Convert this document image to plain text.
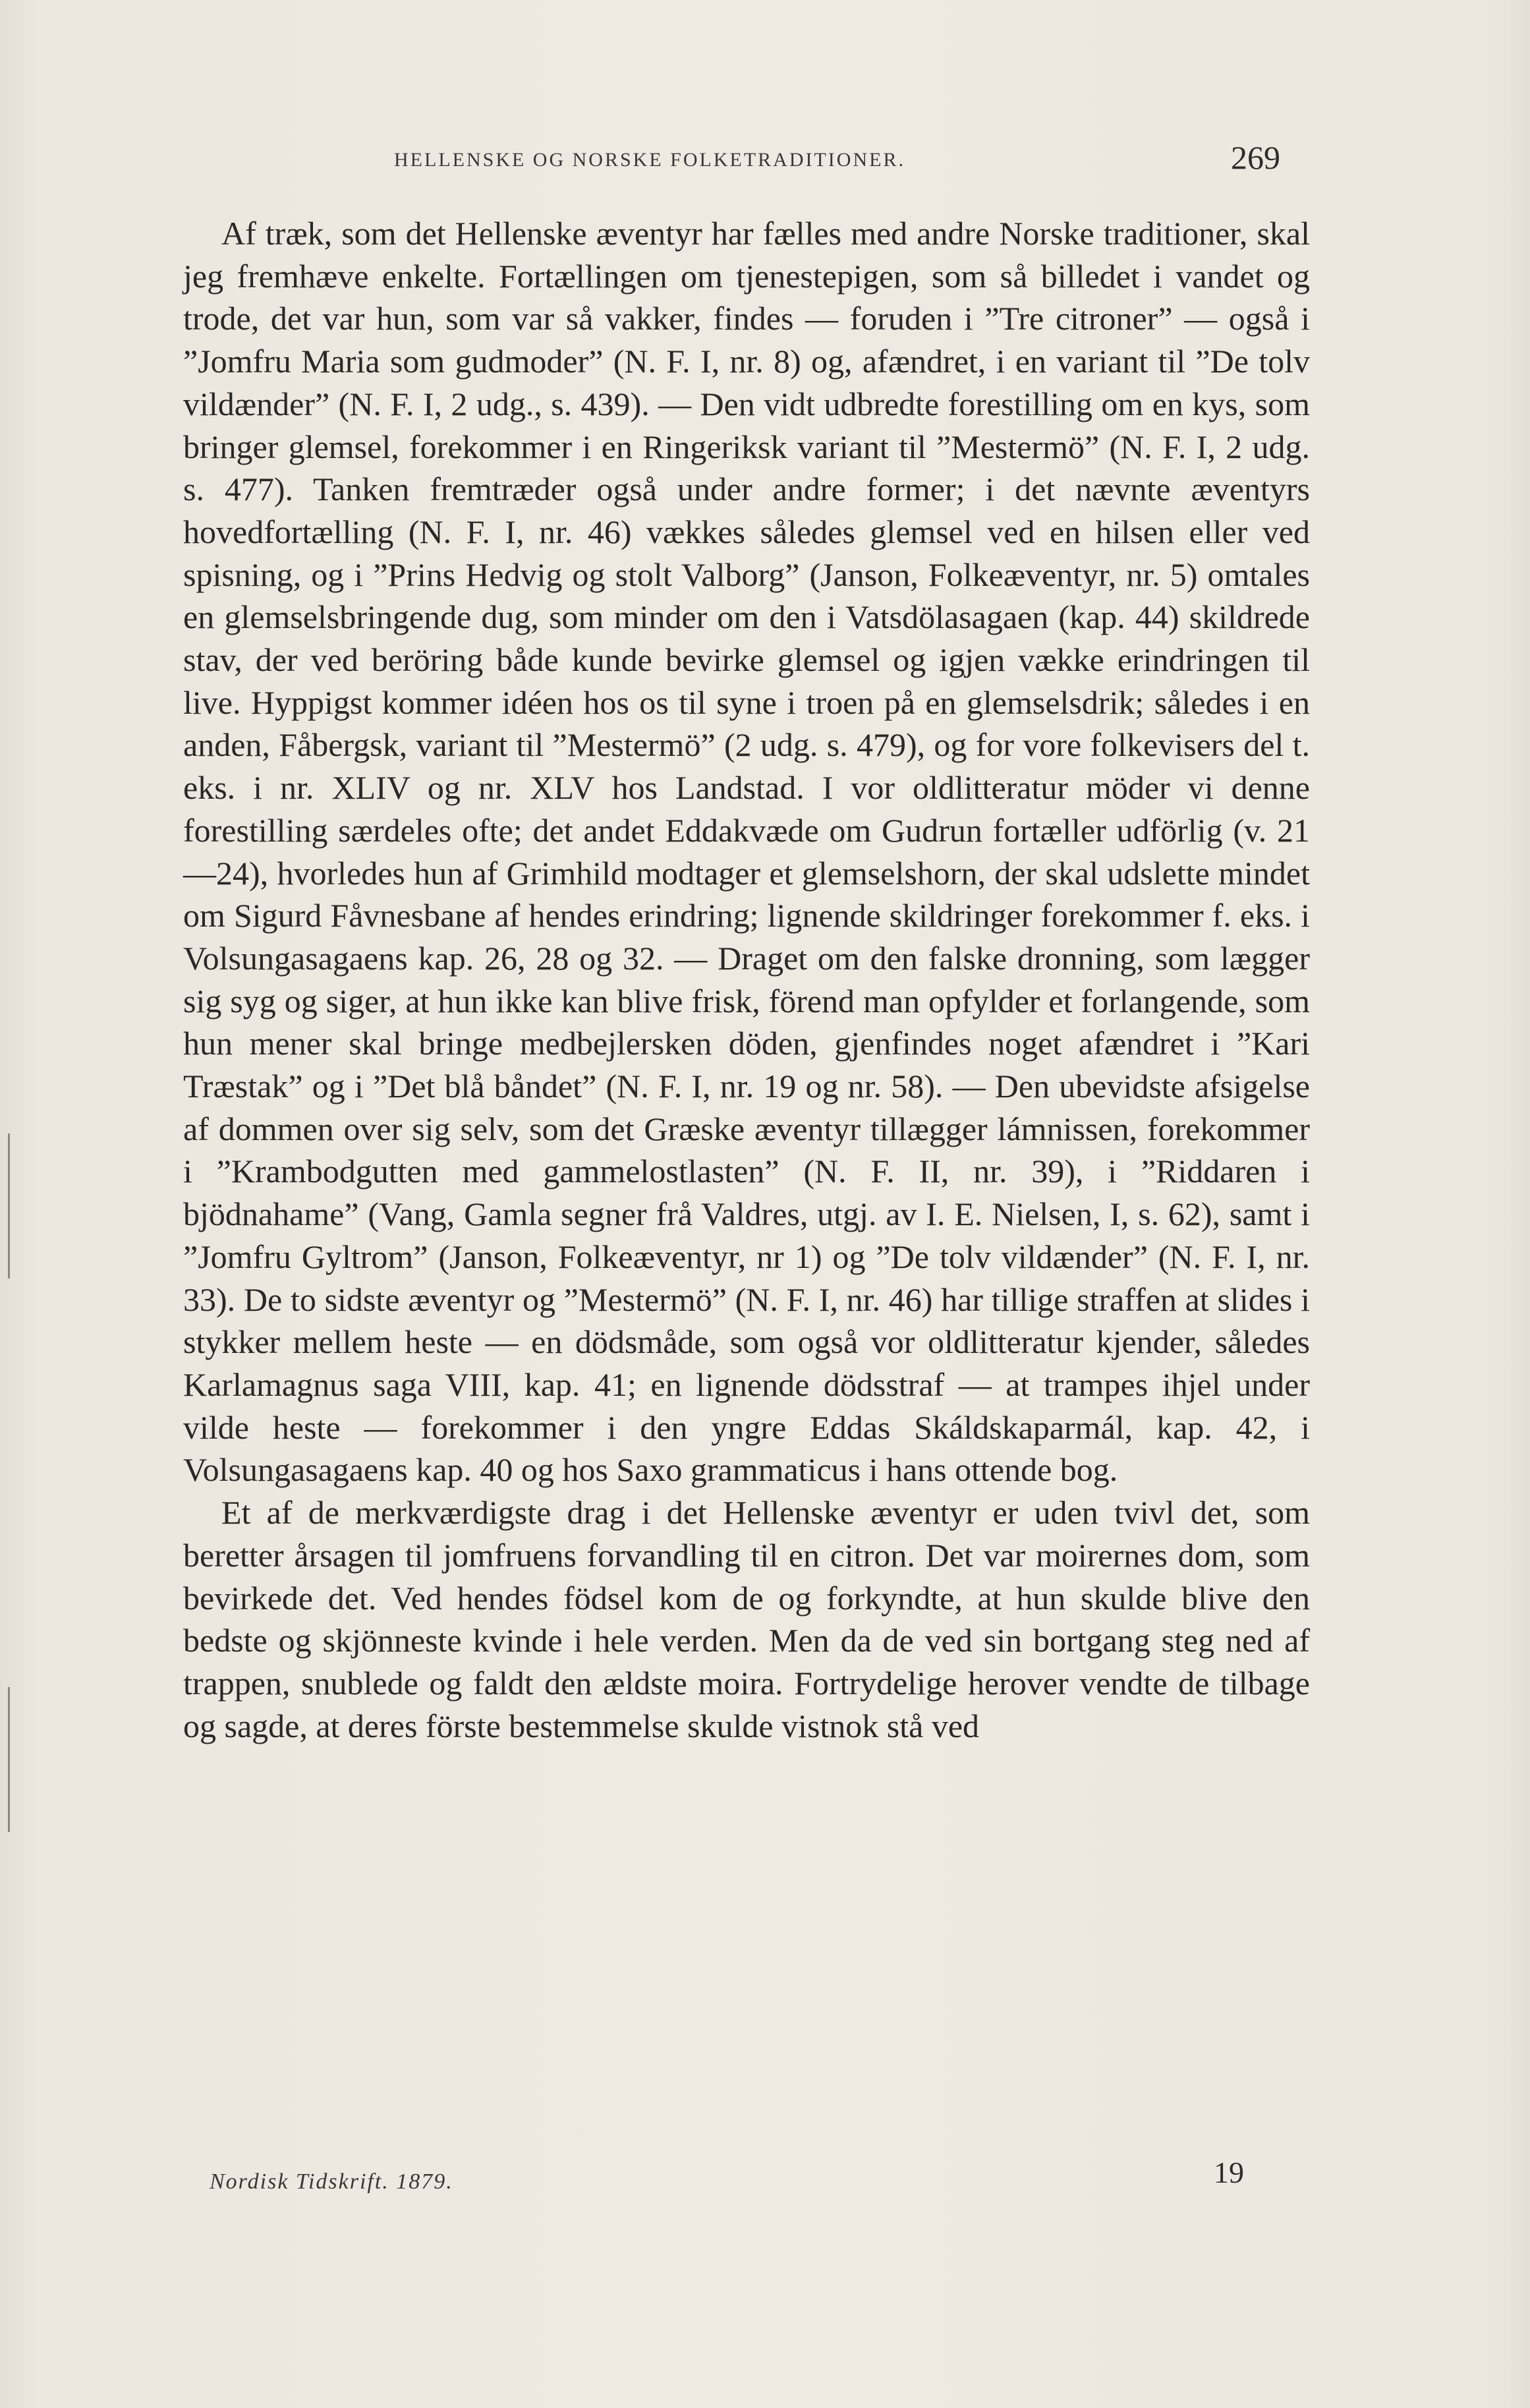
HELLENSKE OG NORSKE FOLKETRADITIONER.	269

Af træk, som det Hellenske æventyr har fælles med andre Norske traditioner, skal jeg fremhæve enkelte. Fortællingen om tjenestepigen, som så billedet i vandet og trode, det var hun, som var så vakker, findes — foruden i ”Tre citroner” — også i ”Jomfru Maria som gudmoder” (N. F. I, nr. 8) og, afændret, i en variant til ”De tolv vildænder” (N. F. I, 2 udg., s. 439). — Den vidt udbredte forestilling om en kys, som bringer glemsel, forekommer i en Ringeriksk variant til ”Mestermö” (N. F. I, 2 udg. s. 477). Tanken fremtræder også under andre former; i det nævnte æventyrs hovedfortælling (N. F. I, nr. 46) vækkes således glemsel ved en hilsen eller ved spisning, og i ”Prins Hedvig og stolt Valborg” (Janson, Folkeæventyr, nr. 5) omtales en glemselsbringende dug, som minder om den i Vatsdölasagaen (kap. 44) skildrede stav, der ved beröring både kunde bevirke glemsel og igjen vække erindringen til live. Hyppigst kommer idéen hos os til syne i troen på en glemselsdrik; således i en anden, Fåbergsk, variant til ”Mestermö” (2 udg. s. 479), og for vore folkevisers del t. eks. i nr. XLIV og nr. XLV hos Landstad. I vor oldlitteratur möder vi denne forestilling særdeles ofte; det andet Eddakvæde om Gudrun fortæller udförlig (v. 21—24), hvorledes hun af Grimhild modtager et glemselshorn, der skal udslette mindet om Sigurd Fåvnesbane af hendes erindring; lignende skildringer forekommer f. eks. i Volsungasagaens kap. 26, 28 og 32. — Draget om den falske dronning, som lægger sig syg og siger, at hun ikke kan blive frisk, förend man opfylder et forlangende, som hun mener skal bringe medbejlersken döden, gjenfindes noget afændret i ”Kari Træstak” og i ”Det blå båndet” (N. F. I, nr. 19 og nr. 58). — Den ubevidste afsigelse af dommen over sig selv, som det Græske æventyr tillægger lámnissen, forekommer i ”Krambodgutten med gammelostlasten” (N. F. II, nr. 39), i ”Riddaren i bjödnahame” (Vang, Gamla segner frå Valdres, utgj. av I. E. Nielsen, I, s. 62), samt i ”Jomfru Gyltrom” (Janson, Folkeæventyr, nr 1) og ”De tolv vildænder” (N. F. I, nr. 33). De to sidste æventyr og ”Mestermö” (N. F. I, nr. 46) har tillige straffen at slides i stykker mellem heste — en dödsmåde, som også vor oldlitteratur kjender, således Karlamagnus saga VIII, kap. 41; en lignende dödsstraf — at trampes ihjel under vilde heste — forekommer i den yngre Eddas Skáldskaparmál, kap. 42, i Volsungasagaens kap. 40 og hos Saxo grammaticus i hans ottende bog.

Et af de merkværdigste drag i det Hellenske æventyr er uden tvivl det, som beretter årsagen til jomfruens forvandling til en citron. Det var moirernes dom, som bevirkede det. Ved hendes födsel kom de og forkyndte, at hun skulde blive den bedste og skjönneste kvinde i hele verden. Men da de ved sin bortgang steg ned af trappen, snublede og faldt den ældste moira. Fortrydelige herover vendte de tilbage og sagde, at deres förste bestemmelse skulde vistnok stå ved

Nordisk Tidskrift. 1879.	19
